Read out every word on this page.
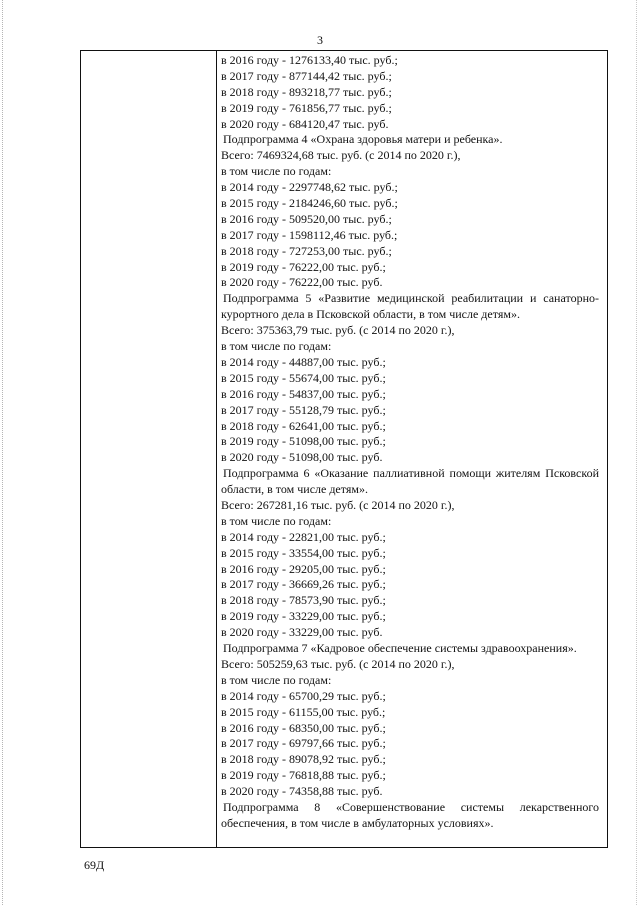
3
в 2016 году - 1276133,40 тыс. руб.;
в 2017 году - 877144,42 тыс. руб.;
в 2018 году - 893218,77 тыс. руб.;
в 2019 году - 761856,77 тыс. руб.;
в 2020 году - 684120,47 тыс. руб.
Подпрограмма 4 «Охрана здоровья матери и ребенка».
Всего: 7469324,68 тыс. руб. (с 2014 по 2020 г.),
в том числе по годам:
в 2014 году - 2297748,62 тыс. руб.;
в 2015 году - 2184246,60 тыс. руб.;
в 2016 году - 509520,00 тыс. руб.;
в 2017 году - 1598112,46 тыс. руб.;
в 2018 году - 727253,00 тыс. руб.;
в 2019 году - 76222,00 тыс. руб.;
в 2020 году - 76222,00 тыс. руб.
Подпрограмма 5 «Развитие медицинской реабилитации и санаторно-курортного дела в Псковской области, в том числе детям».
Всего: 375363,79 тыс. руб. (с 2014 по 2020 г.),
в том числе по годам:
в 2014 году - 44887,00 тыс. руб.;
в 2015 году - 55674,00 тыс. руб.;
в 2016 году - 54837,00 тыс. руб.;
в 2017 году - 55128,79 тыс. руб.;
в 2018 году - 62641,00 тыс. руб.;
в 2019 году - 51098,00 тыс. руб.;
в 2020 году - 51098,00 тыс. руб.
Подпрограмма 6 «Оказание паллиативной помощи жителям Псковской области, в том числе детям».
Всего: 267281,16 тыс. руб. (с 2014 по 2020 г.),
в том числе по годам:
в 2014 году - 22821,00 тыс. руб.;
в 2015 году - 33554,00 тыс. руб.;
в 2016 году - 29205,00 тыс. руб.;
в 2017 году - 36669,26 тыс. руб.;
в 2018 году - 78573,90 тыс. руб.;
в 2019 году - 33229,00 тыс. руб.;
в 2020 году - 33229,00 тыс. руб.
Подпрограмма 7 «Кадровое обеспечение системы здравоохранения».
Всего: 505259,63 тыс. руб. (с 2014 по 2020 г.),
в том числе по годам:
в 2014 году - 65700,29 тыс. руб.;
в 2015 году - 61155,00 тыс. руб.;
в 2016 году - 68350,00 тыс. руб.;
в 2017 году - 69797,66 тыс. руб.;
в 2018 году - 89078,92 тыс. руб.;
в 2019 году - 76818,88 тыс. руб.;
в 2020 году - 74358,88 тыс. руб.
Подпрограмма 8 «Совершенствование системы лекарственного обеспечения, в том числе в амбулаторных условиях».
69Д
